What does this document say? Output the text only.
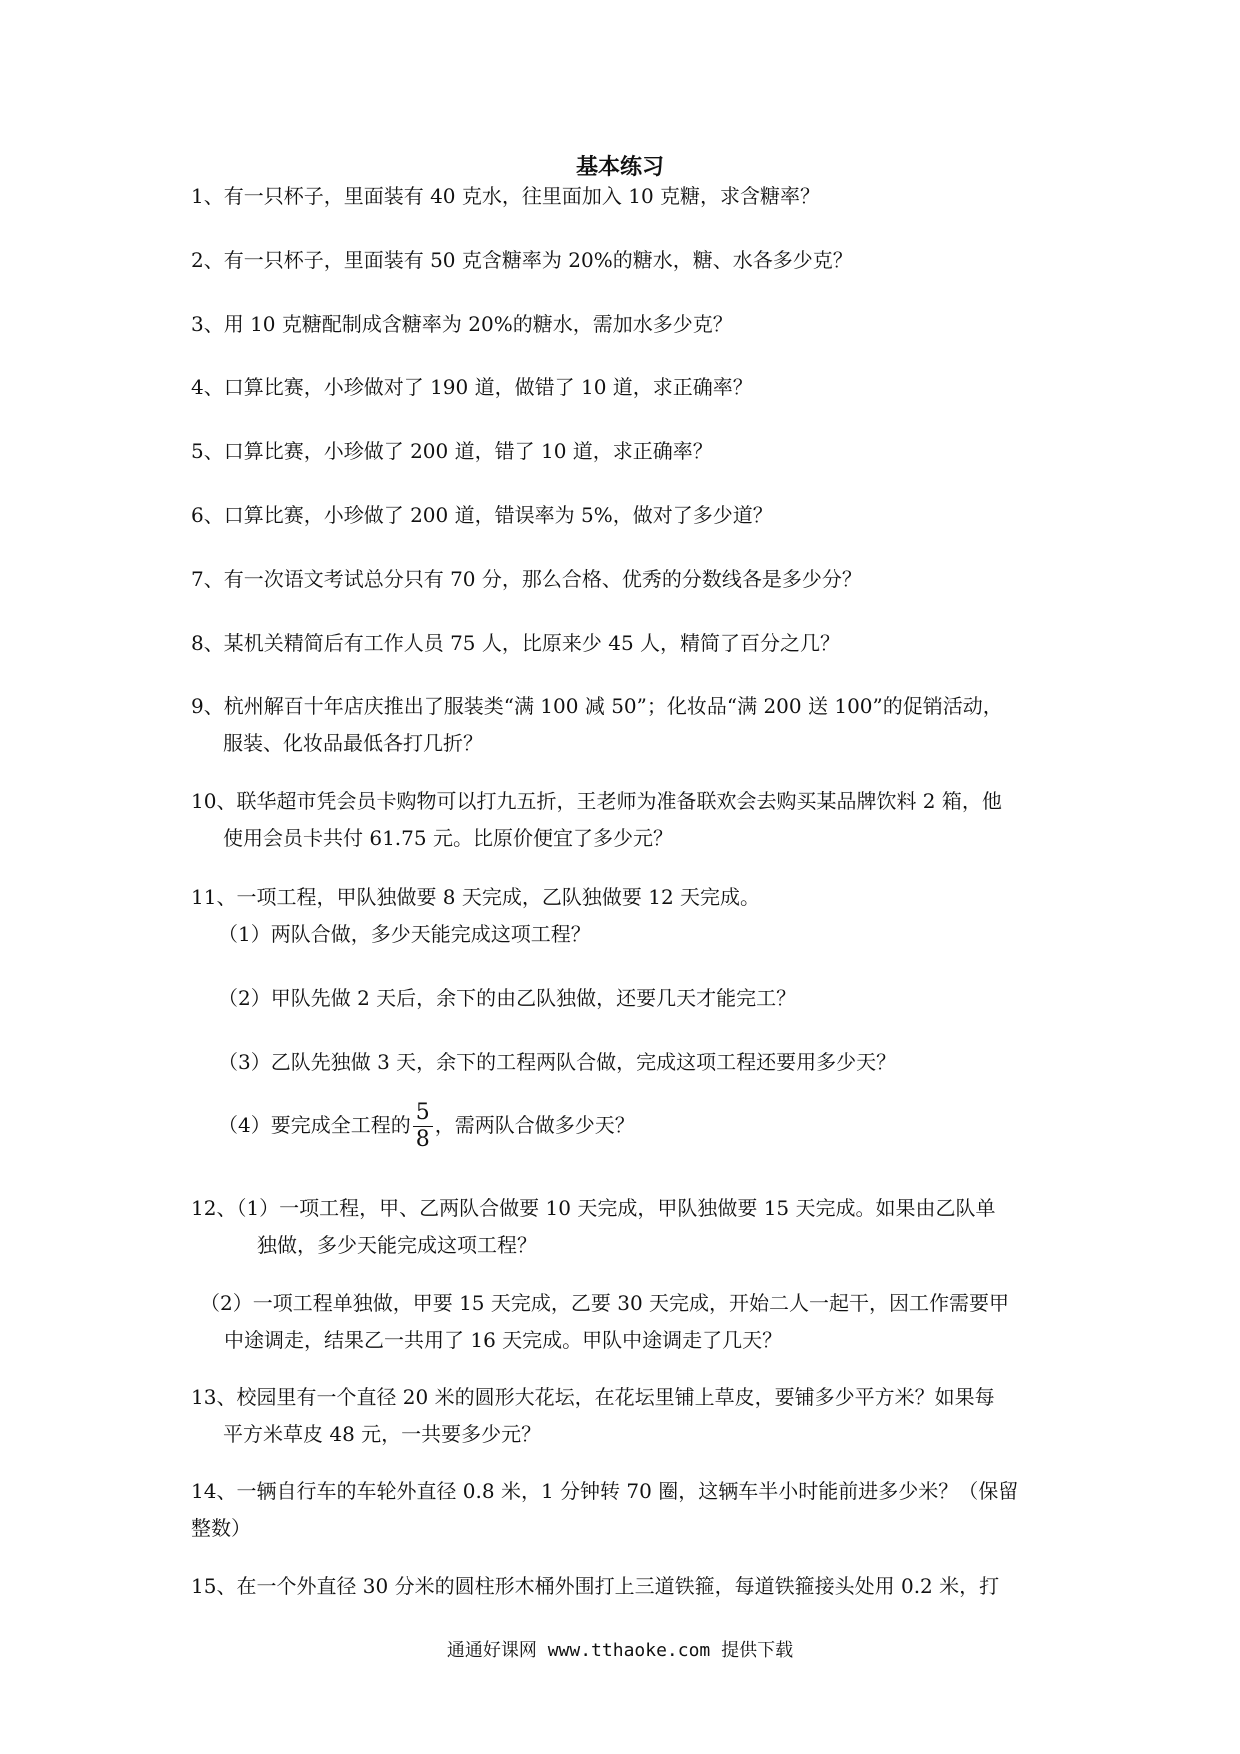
基本练习
1、有一只杯子，里面装有 40 克水，往里面加入 10 克糖，求含糖率？
2、有一只杯子，里面装有 50 克含糖率为 20%的糖水，糖、水各多少克？
3、用 10 克糖配制成含糖率为 20%的糖水，需加水多少克？
4、口算比赛，小珍做对了 190 道，做错了 10 道，求正确率？
5、口算比赛，小珍做了 200 道，错了 10 道，求正确率？
6、口算比赛，小珍做了 200 道，错误率为 5%，做对了多少道？
7、有一次语文考试总分只有 70 分，那么合格、优秀的分数线各是多少分？
8、某机关精简后有工作人员 75 人，比原来少 45 人，精简了百分之几？
9、杭州解百十年店庆推出了服装类“满 100 减 50”；化妆品“满 200 送 100”的促销活动，
服装、化妆品最低各打几折？
10、联华超市凭会员卡购物可以打九五折，王老师为准备联欢会去购买某品牌饮料 2 箱，他
使用会员卡共付 61.75 元。比原价便宜了多少元？
11、一项工程，甲队独做要 8 天完成，乙队独做要 12 天完成。
（1）两队合做，多少天能完成这项工程？
（2）甲队先做 2 天后，余下的由乙队独做，还要几天才能完工？
（3）乙队先独做 3 天，余下的工程两队合做，完成这项工程还要用多少天？
（4）要完成全工程的 $\frac{5}{8}$ ，需两队合做多少天？
12、（1）一项工程，甲、乙两队合做要 10 天完成，甲队独做要 15 天完成。如果由乙队单
独做，多少天能完成这项工程？
（2）一项工程单独做，甲要 15 天完成，乙要 30 天完成，开始二人一起干，因工作需要甲
中途调走，结果乙一共用了 16 天完成。甲队中途调走了几天？
13、校园里有一个直径 20 米的圆形大花坛，在花坛里铺上草皮，要铺多少平方米？如果每
平方米草皮 48 元，一共要多少元？
14、一辆自行车的车轮外直径 0.8 米，1 分钟转 70 圈，这辆车半小时能前进多少米？（保留
整数）
15、在一个外直径 30 分米的圆柱形木桶外围打上三道铁箍，每道铁箍接头处用 0.2 米，打
通通好课网 www.tthaoke.com 提供下载
